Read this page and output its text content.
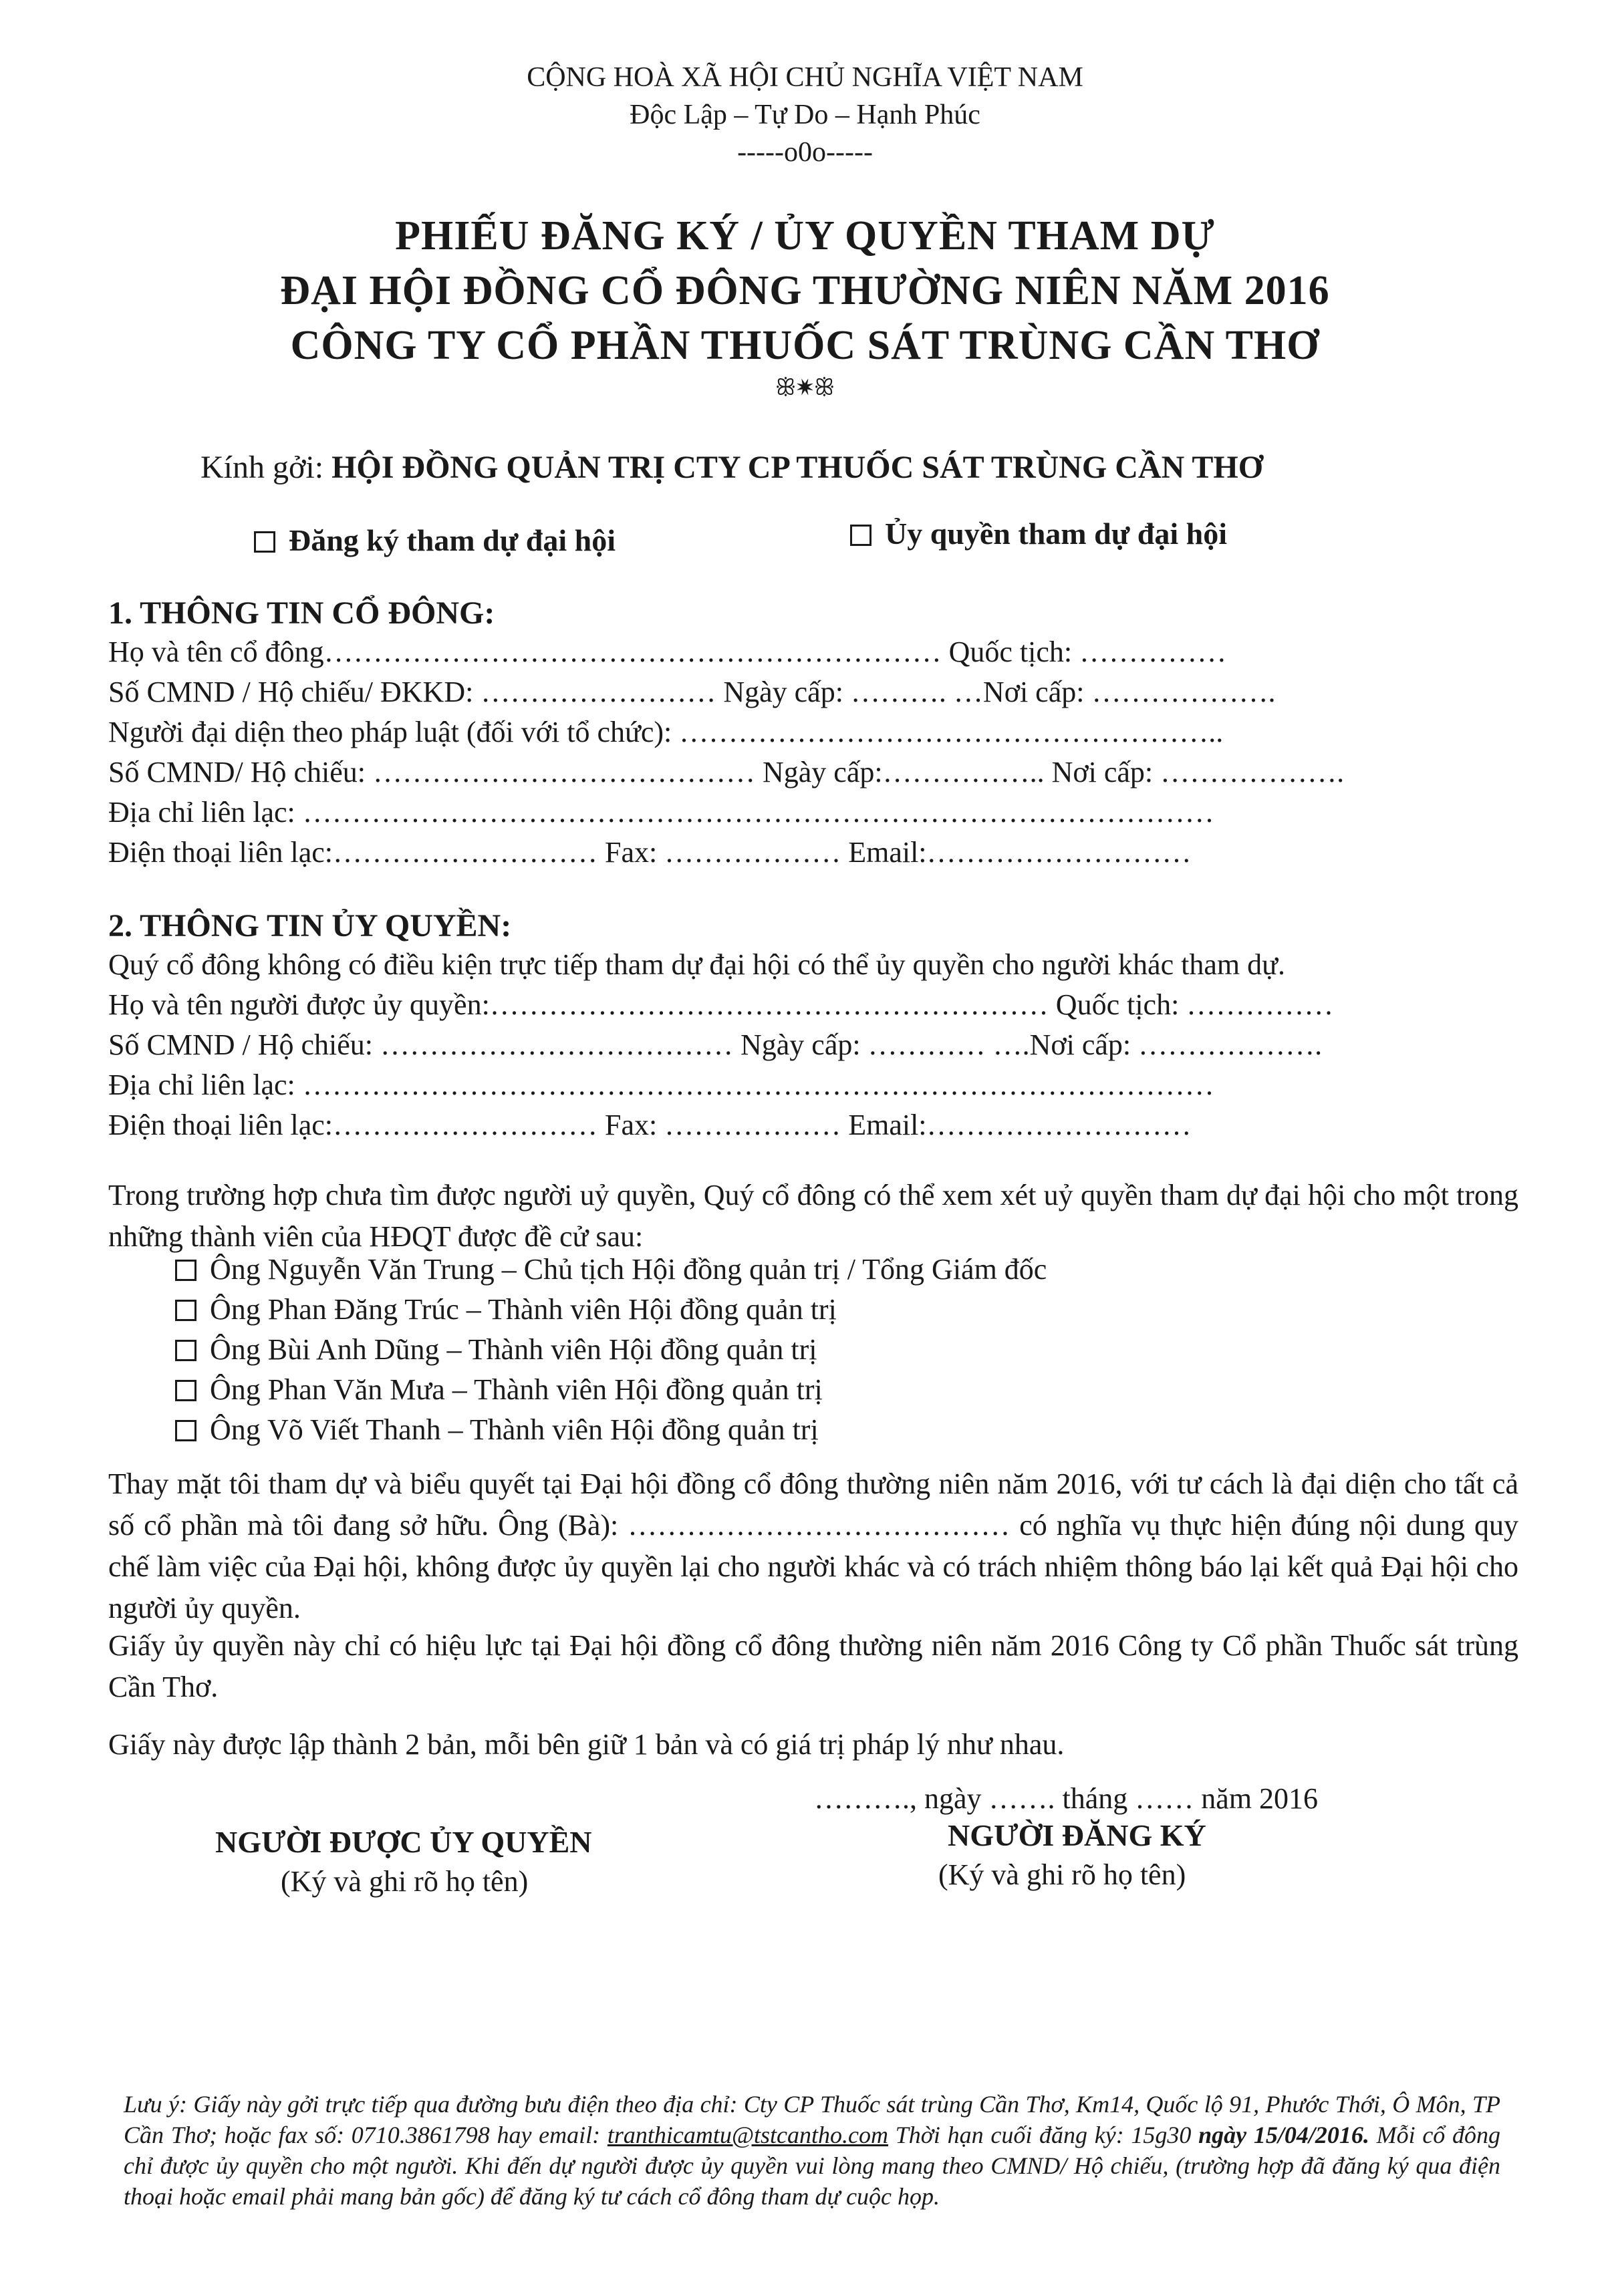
CỘNG HOÀ XÃ HỘI CHỦ NGHĨA VIỆT NAM
Độc Lập – Tự Do – Hạnh Phúc
-----o0o-----
PHIẾU ĐĂNG KÝ / ỦY QUYỀN THAM DỰ
ĐẠI HỘI ĐỒNG CỔ ĐÔNG THƯỜNG NIÊN NĂM 2016
CÔNG TY CỔ PHẦN THUỐC SÁT TRÙNG CẦN THƠ
ꕥ✷ꕥ
Kính gởi: HỘI ĐỒNG QUẢN TRỊ CTY CP THUỐC SÁT TRÙNG CẦN THƠ
Đăng ký tham dự đại hội	Ủy quyền tham dự đại hội
1. THÔNG TIN CỔ ĐÔNG:
Họ và tên cổ đông……………………………………………………… Quốc tịch: ……………
Số CMND / Hộ chiếu/ ĐKKD: …………………… Ngày cấp: ………. …Nơi cấp: ……………….
Người đại diện theo pháp luật (đối với tổ chức): ………………………………………………..
Số CMND/ Hộ chiếu: ………………………………… Ngày cấp:…………….. Nơi cấp: ……………….
Địa chỉ liên lạc: …………………………………………………………………………………
Điện thoại liên lạc:……………………… Fax: ……………… Email:………………………
2. THÔNG TIN ỦY QUYỀN:
Quý cổ đông không có điều kiện trực tiếp tham dự đại hội có thể ủy quyền cho người khác tham dự.
Họ và tên người được ủy quyền:………………………………………………… Quốc tịch: ……………
Số CMND / Hộ chiếu: ……………………………… Ngày cấp: ………… ….Nơi cấp: ……………….
Địa chỉ liên lạc: …………………………………………………………………………………
Điện thoại liên lạc:……………………… Fax: ……………… Email:………………………
Trong trường hợp chưa tìm được người uỷ quyền, Quý cổ đông có thể xem xét uỷ quyền tham dự đại hội cho một trong những thành viên của HĐQT được đề cử sau:
Ông Nguyễn Văn Trung – Chủ tịch Hội đồng quản trị / Tổng Giám đốc
Ông Phan Đăng Trúc – Thành viên Hội đồng quản trị
Ông Bùi Anh Dũng – Thành viên Hội đồng quản trị
Ông Phan Văn Mưa – Thành viên Hội đồng quản trị
Ông Võ Viết Thanh – Thành viên Hội đồng quản trị
Thay mặt tôi tham dự và biểu quyết tại Đại hội đồng cổ đông thường niên năm 2016, với tư cách là đại diện cho tất cả số cổ phần mà tôi đang sở hữu. Ông (Bà): ………………………………… có nghĩa vụ thực hiện đúng nội dung quy chế làm việc của Đại hội, không được ủy quyền lại cho người khác và có trách nhiệm thông báo lại kết quả Đại hội cho người ủy quyền.
Giấy ủy quyền này chỉ có hiệu lực tại Đại hội đồng cổ đông thường niên năm 2016 Công ty Cổ phần Thuốc sát trùng Cần Thơ.
Giấy này được lập thành 2 bản, mỗi bên giữ 1 bản và có giá trị pháp lý như nhau.
………., ngày ……. tháng …… năm 2016
NGƯỜI ĐƯỢC ỦY QUYỀN
(Ký và ghi rõ họ tên)
NGƯỜI ĐĂNG KÝ
(Ký và ghi rõ họ tên)
Lưu ý: Giấy này gởi trực tiếp qua đường bưu điện theo địa chỉ: Cty CP Thuốc sát trùng Cần Thơ, Km14, Quốc lộ 91, Phước Thới, Ô Môn, TP Cần Thơ; hoặc fax số: 0710.3861798 hay email: tranthicamtu@tstcantho.com Thời hạn cuối đăng ký: 15g30 ngày 15/04/2016. Mỗi cổ đông chỉ được ủy quyền cho một người. Khi đến dự người được ủy quyền vui lòng mang theo CMND/ Hộ chiếu, (trường hợp đã đăng ký qua điện thoại hoặc email phải mang bản gốc) để đăng ký tư cách cổ đông tham dự cuộc họp.
